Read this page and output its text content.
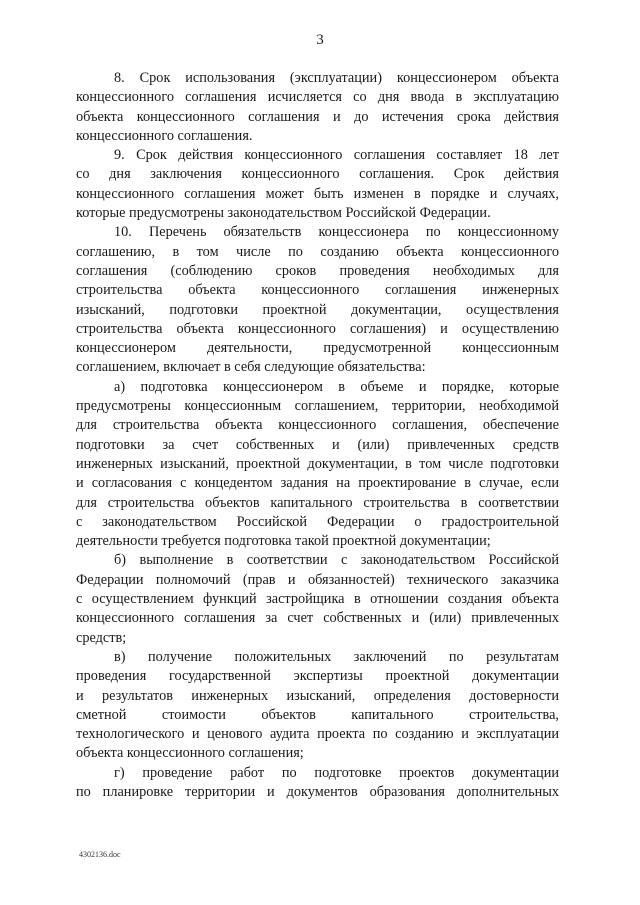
3
8. Срок использования (эксплуатации) концессионером объекта
концессионного соглашения исчисляется со дня ввода в эксплуатацию
объекта концессионного соглашения и до истечения срока действия
концессионного соглашения.
9. Срок действия концессионного соглашения составляет 18 лет
со дня заключения концессионного соглашения. Срок действия
концессионного соглашения может быть изменен в порядке и случаях,
которые предусмотрены законодательством Российской Федерации.
10. Перечень обязательств концессионера по концессионному
соглашению, в том числе по созданию объекта концессионного
соглашения (соблюдению сроков проведения необходимых для
строительства объекта концессионного соглашения инженерных
изысканий, подготовки проектной документации, осуществления
строительства объекта концессионного соглашения) и осуществлению
концессионером деятельности, предусмотренной концессионным
соглашением, включает в себя следующие обязательства:
а) подготовка концессионером в объеме и порядке, которые
предусмотрены концессионным соглашением, территории, необходимой
для строительства объекта концессионного соглашения, обеспечение
подготовки за счет собственных и (или) привлеченных средств
инженерных изысканий, проектной документации, в том числе подготовки
и согласования с концедентом задания на проектирование в случае, если
для строительства объектов капитального строительства в соответствии
с законодательством Российской Федерации о градостроительной
деятельности требуется подготовка такой проектной документации;
б) выполнение в соответствии с законодательством Российской
Федерации полномочий (прав и обязанностей) технического заказчика
с осуществлением функций застройщика в отношении создания объекта
концессионного соглашения за счет собственных и (или) привлеченных
средств;
в) получение положительных заключений по результатам
проведения государственной экспертизы проектной документации
и результатов инженерных изысканий, определения достоверности
сметной стоимости объектов капитального строительства,
технологического и ценового аудита проекта по созданию и эксплуатации
объекта концессионного соглашения;
г) проведение работ по подготовке проектов документации
по планировке территории и документов образования дополнительных
4302136.doc
